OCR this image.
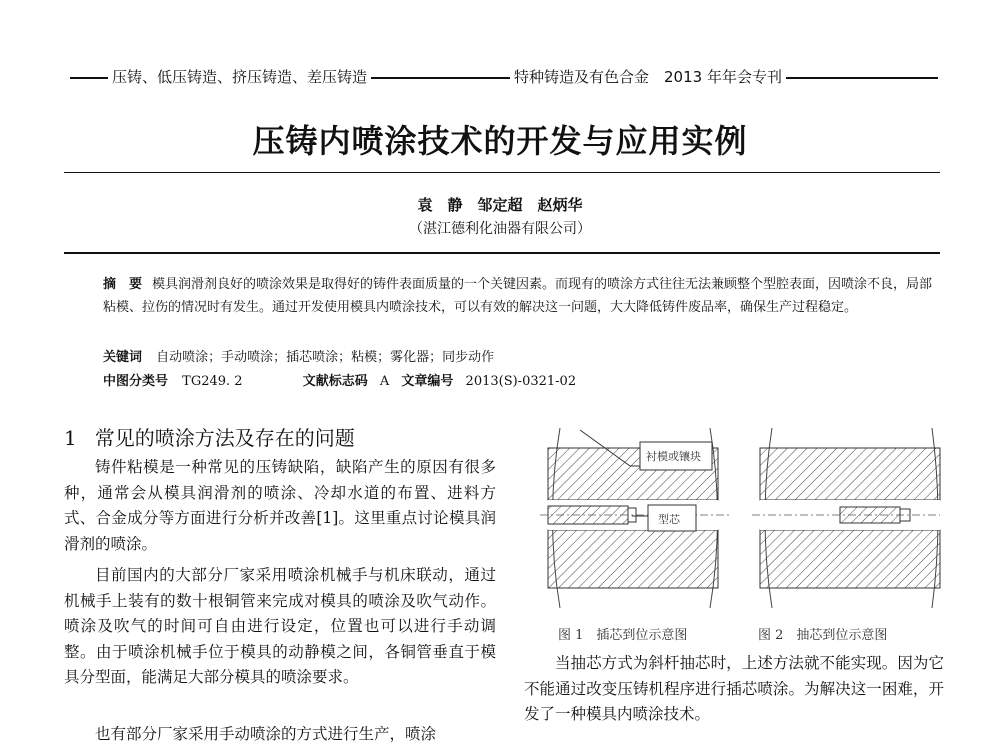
压铸、低压铸造、挤压铸造、差压铸造	特种铸造及有色合金　2013 年年会专刊
压铸内喷涂技术的开发与应用实例
袁　静　邹定超　赵炳华
（湛江德利化油器有限公司）
摘　要 模具润滑剂良好的喷涂效果是取得好的铸件表面质量的一个关键因素。而现有的喷涂方式往往无法兼顾整个型腔表面，因喷涂不良，局部粘模、拉伤的情况时有发生。通过开发使用模具内喷涂技术，可以有效的解决这一问题，大大降低铸件废品率，确保生产过程稳定。
关键词 自动喷涂；手动喷涂；插芯喷涂；粘模；雾化器；同步动作
中图分类号 TG249. 2	文献标志码 A 文章编号 2013(S)-0321-02
1 常见的喷涂方法及存在的问题
铸件粘模是一种常见的压铸缺陷，缺陷产生的原因有很多种，通常会从模具润滑剂的喷涂、冷却水道的布置、进料方式、合金成分等方面进行分析并改善[1]。这里重点讨论模具润滑剂的喷涂。
目前国内的大部分厂家采用喷涂机械手与机床联动，通过机械手上装有的数十根铜管来完成对模具的喷涂及吹气动作。喷涂及吹气的时间可自由进行设定，位置也可以进行手动调整。由于喷涂机械手位于模具的动静模之间，各铜管垂直于模具分型面，能满足大部分模具的喷涂要求。
也有部分厂家采用手动喷涂的方式进行生产，喷涂
衬模或镶块
型芯
图 1　插芯到位示意图	图 2　抽芯到位示意图
当抽芯方式为斜杆抽芯时，上述方法就不能实现。因为它不能通过改变压铸机程序进行插芯喷涂。为解决这一困难，开发了一种模具内喷涂技术。
